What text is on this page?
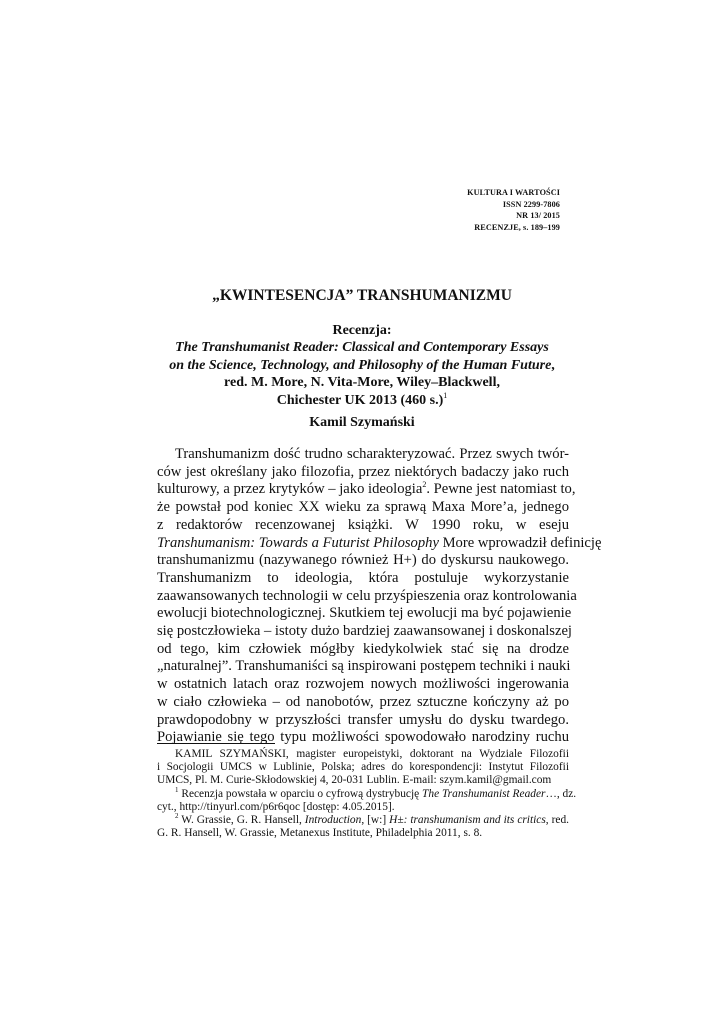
KULTURA I WARTOŚCI
ISSN 2299-7806
NR 13/ 2015
RECENZJE, s. 189–199
„KWINTESENCJA” TRANSHUMANIZMU
Recenzja:
The Transhumanist Reader: Classical and Contemporary Essays
on the Science, Technology, and Philosophy of the Human Future,
red. M. More, N. Vita-More, Wiley–Blackwell,
Chichester UK 2013 (460 s.)$^1$
Kamil Szymański
Transhumanizm dość trudno scharakteryzować. Przez swych twór-
ców jest określany jako filozofia, przez niektórych badaczy jako ruch
kulturowy, a przez krytyków – jako ideologia$^2$. Pewne jest natomiast to,
że powstał pod koniec XX wieku za sprawą Maxa More’a, jednego
z redaktorów recenzowanej książki. W 1990 roku, w eseju
Transhumanism: Towards a Futurist Philosophy More wprowadził definicję
transhumanizmu (nazywanego również H+) do dyskursu naukowego.
Transhumanizm to ideologia, która postuluje wykorzystanie
zaawansowanych technologii w celu przyśpieszenia oraz kontrolowania
ewolucji biotechnologicznej. Skutkiem tej ewolucji ma być pojawienie
się postczłowieka – istoty dużo bardziej zaawansowanej i doskonalszej
od tego, kim człowiek mógłby kiedykolwiek stać się na drodze
„naturalnej”. Transhumaniści są inspirowani postępem techniki i nauki
w ostatnich latach oraz rozwojem nowych możliwości ingerowania
w ciało człowieka – od nanobotów, przez sztuczne kończyny aż po
prawdopodobny w przyszłości transfer umysłu do dysku twardego.
Pojawianie się tego typu możliwości spowodowało narodziny ruchu
KAMIL SZYMAŃSKI, magister europeistyki, doktorant na Wydziale Filozofii
i Socjologii UMCS w Lublinie, Polska; adres do korespondencji: Instytut Filozofii
UMCS, Pl. M. Curie-Skłodowskiej 4, 20-031 Lublin. E-mail: szym.kamil@gmail.com
$^1$ Recenzja powstała w oparciu o cyfrową dystrybucję The Transhumanist Reader…, dz.
cyt., http://tinyurl.com/p6r6qoc [dostęp: 4.05.2015].
$^2$ W. Grassie, G. R. Hansell, Introduction, [w:] H±: transhumanism and its critics, red.
G. R. Hansell, W. Grassie, Metanexus Institute, Philadelphia 2011, s. 8.
